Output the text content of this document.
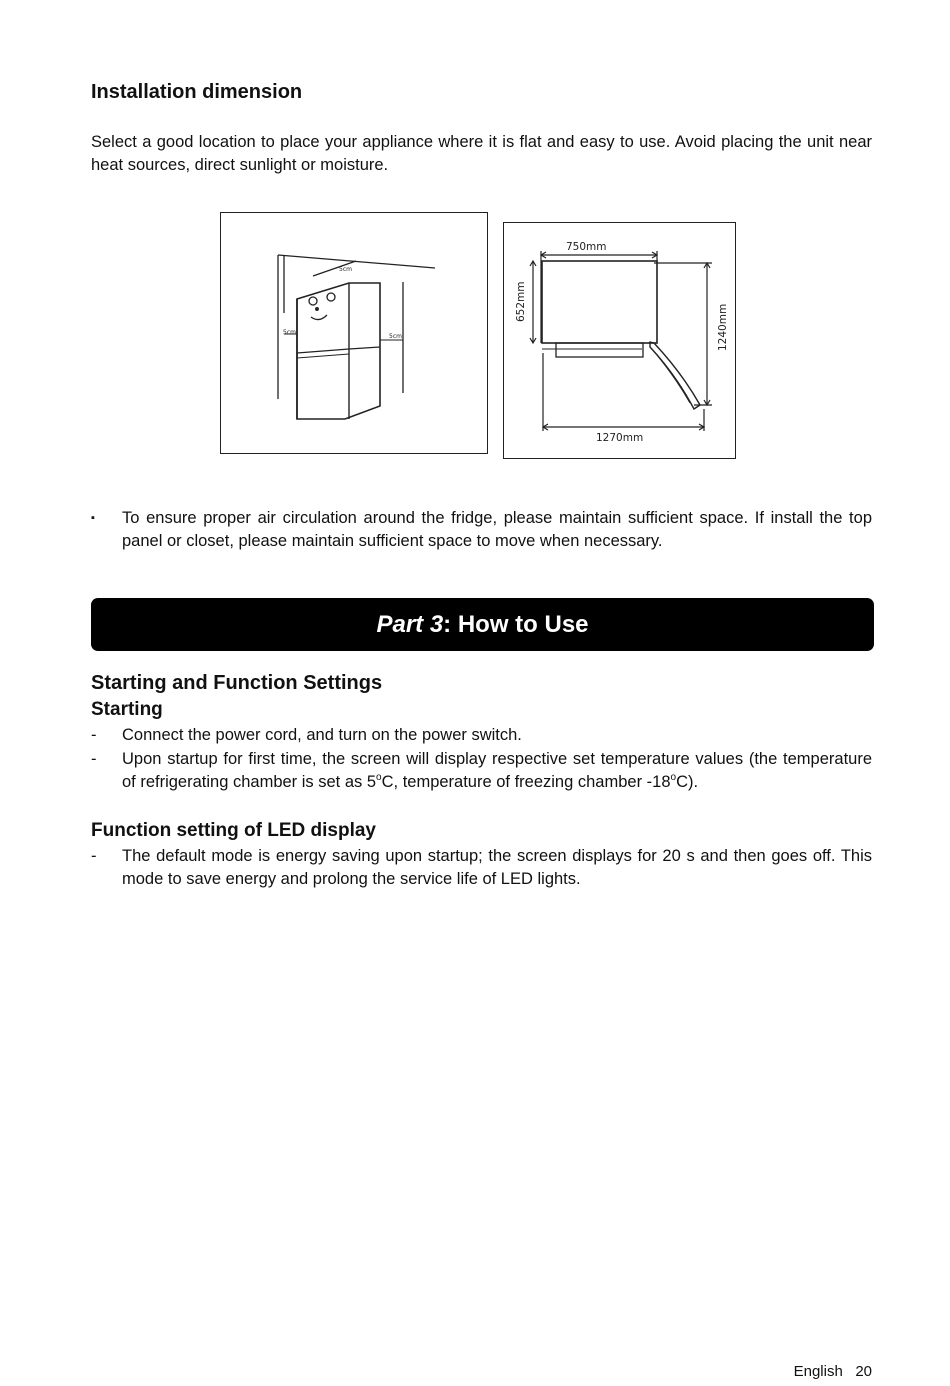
Installation dimension
Select a good location to place your appliance where it is flat and easy to use. Avoid placing the unit near heat sources, direct sunlight or moisture.
5cm
5cm
5cm
750mm
652mm
1240mm
1270mm
▪	To ensure proper air circulation around the fridge, please maintain sufficient space. If install the top panel or closet, please maintain sufficient space to move when necessary.
Part 3 : How to Use
Starting and Function Settings
Starting
-	Connect the power cord, and turn on the power switch.
-	Upon startup for first time, the screen will display respective set temperature values (the temperature of refrigerating chamber is set as 5$^o$C, temperature of freezing chamber -18$^o$C).
Function setting of LED display
-	The default mode is energy saving upon startup; the screen displays for 20 s and then goes off. This mode to save energy and prolong the service life of LED lights.
English 20
